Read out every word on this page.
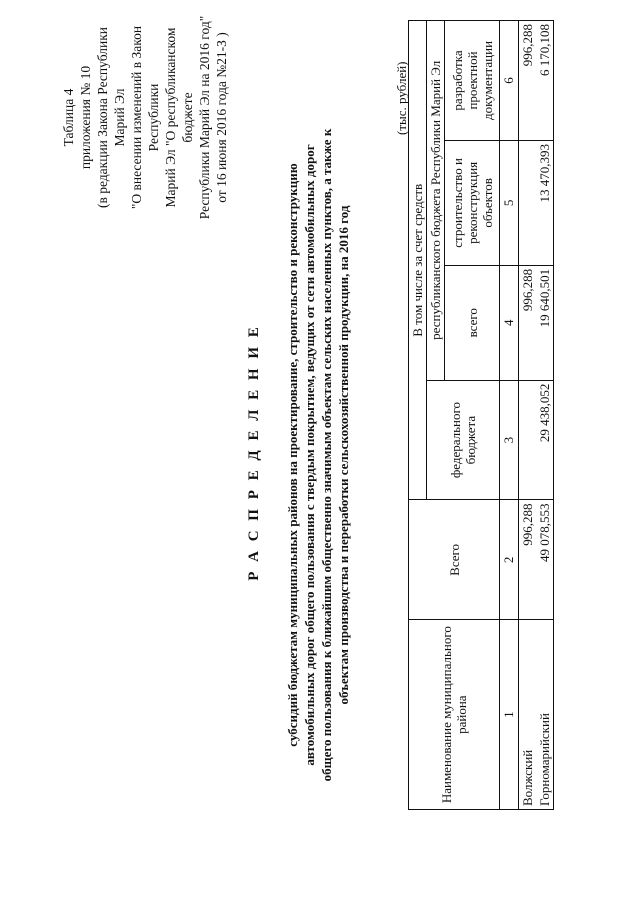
Таблица 4 приложения № 10 (в редакции Закона Республики Марий Эл "О внесении изменений в Закон Республики Марий Эл "О республиканском бюджете Республики Марий Эл на 2016 год" от 16 июня 2016 года №21-З )
Р А С П Р Е Д Е Л Е Н И Е субсидий бюджетам муниципальных районов на проектирование, строительство и реконструкцию автомобильных дорог общего пользования с твердым покрытием, ведущих от сети автомобильных дорог общего пользования к ближайшим общественно значимым объектам сельских населенных пунктов, а также к объектам производства и переработки сельскохозяйственной продукции, на 2016 год
(тыс. рублей)
Наименование муниципального района	Всего	В том числе за счет средств			
		федерального бюджета	республиканского бюджета Республики Марий Эл		
			всего	строительство и реконструкция объектов	разработка проектной документации
1	2	3	4	5	6
Волжский	996,288		996,288		996,288
Горномарийский	49 078,553	29 438,052	19 640,501	13 470,393	6 170,108
